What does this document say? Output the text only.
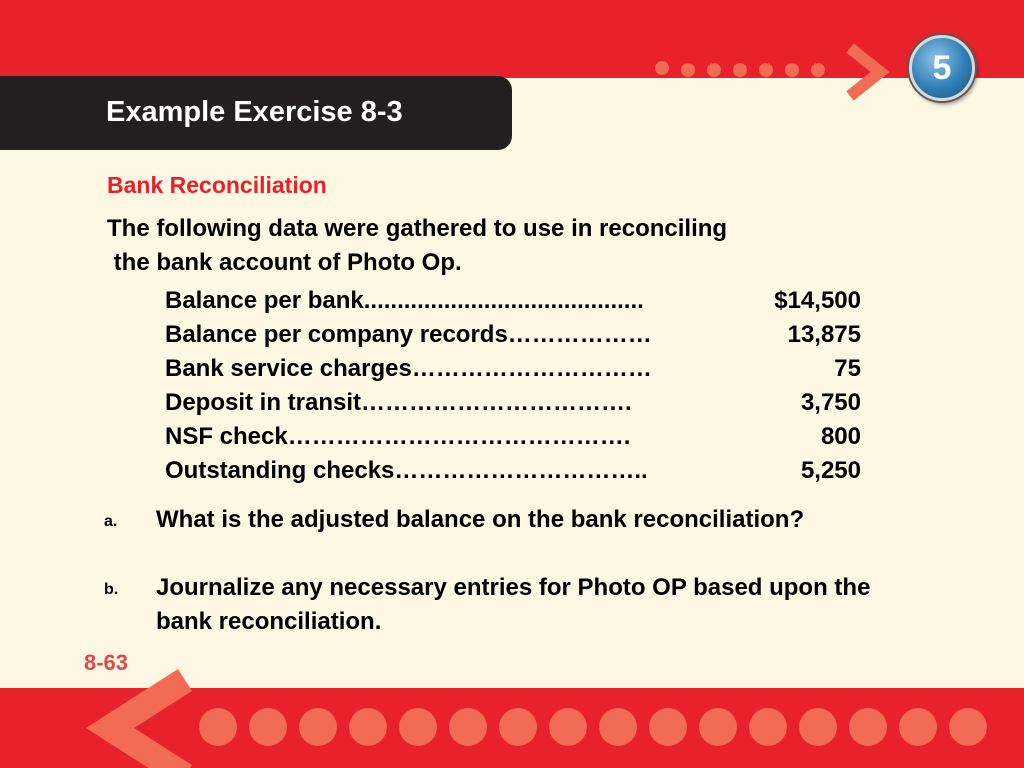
Example Exercise 8-3
5
Bank Reconciliation
The following data were gathered to use in reconciling
the bank account of Photo Op.
Balance per bank..........................................	$14,500
Balance per company records………………	13,875
Bank service charges…………………………	75
Deposit in transit…………………………….	3,750
NSF check…………………………………….	800
Outstanding checks…………………………..	5,250
a. What is the adjusted balance on the bank reconciliation?
b. Journalize any necessary entries for Photo OP based upon the bank reconciliation.
8-63
